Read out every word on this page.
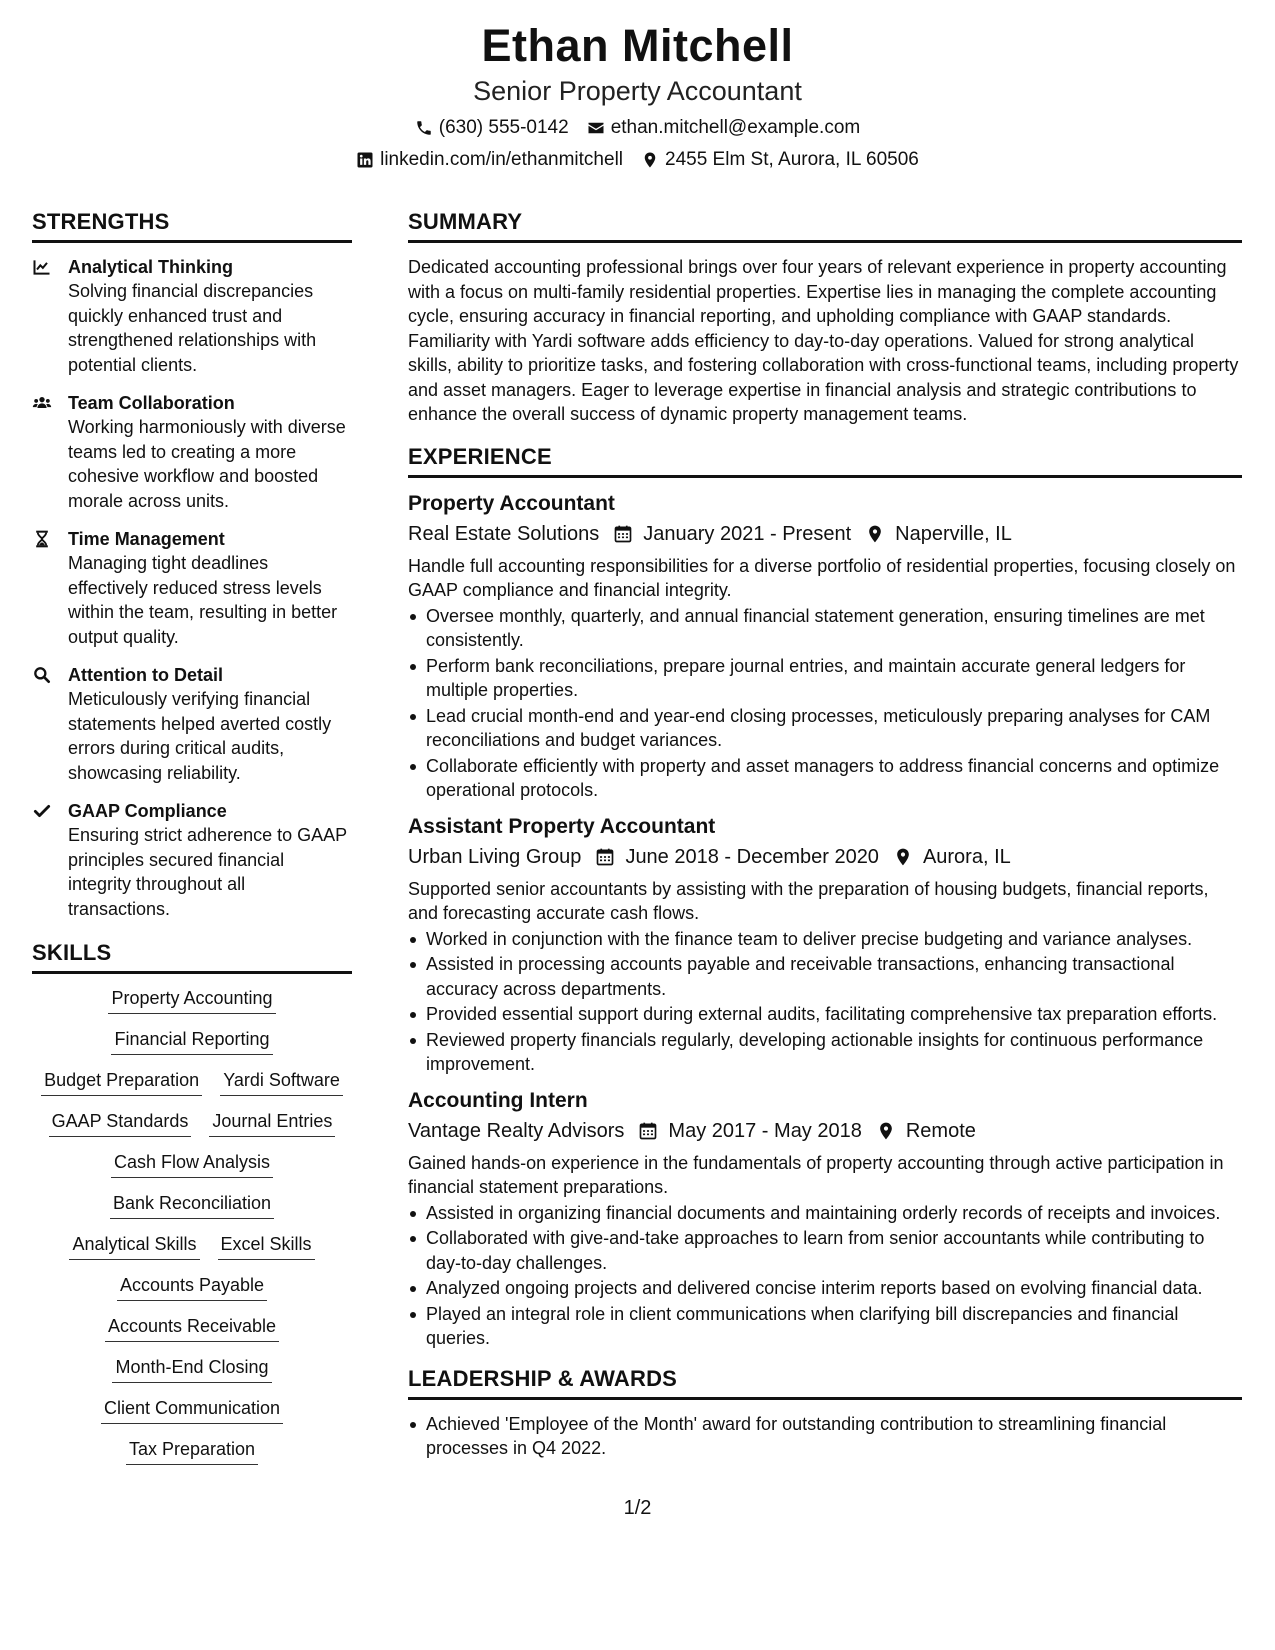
Ethan Mitchell
Senior Property Accountant
(630) 555-0142 ethan.mitchell@example.com
linkedin.com/in/ethanmitchell 2455 Elm St, Aurora, IL 60506
STRENGTHS
Analytical Thinking
Solving financial discrepancies quickly enhanced trust and strengthened relationships with potential clients.
Team Collaboration
Working harmoniously with diverse teams led to creating a more cohesive workflow and boosted morale across units.
Time Management
Managing tight deadlines effectively reduced stress levels within the team, resulting in better output quality.
Attention to Detail
Meticulously verifying financial statements helped averted costly errors during critical audits, showcasing reliability.
GAAP Compliance
Ensuring strict adherence to GAAP principles secured financial integrity throughout all transactions.
SKILLS
Property Accounting
Financial Reporting
Budget Preparation Yardi Software
GAAP Standards Journal Entries
Cash Flow Analysis
Bank Reconciliation
Analytical Skills Excel Skills
Accounts Payable
Accounts Receivable
Month-End Closing
Client Communication
Tax Preparation
SUMMARY
Dedicated accounting professional brings over four years of relevant experience in property accounting with a focus on multi-family residential properties. Expertise lies in managing the complete accounting cycle, ensuring accuracy in financial reporting, and upholding compliance with GAAP standards. Familiarity with Yardi software adds efficiency to day-to-day operations. Valued for strong analytical skills, ability to prioritize tasks, and fostering collaboration with cross-functional teams, including property and asset managers. Eager to leverage expertise in financial analysis and strategic contributions to enhance the overall success of dynamic property management teams.
EXPERIENCE
Property Accountant
Real Estate Solutions January 2021 - Present Naperville, IL
Handle full accounting responsibilities for a diverse portfolio of residential properties, focusing closely on GAAP compliance and financial integrity.
Oversee monthly, quarterly, and annual financial statement generation, ensuring timelines are met consistently.
Perform bank reconciliations, prepare journal entries, and maintain accurate general ledgers for multiple properties.
Lead crucial month-end and year-end closing processes, meticulously preparing analyses for CAM reconciliations and budget variances.
Collaborate efficiently with property and asset managers to address financial concerns and optimize operational protocols.
Assistant Property Accountant
Urban Living Group June 2018 - December 2020 Aurora, IL
Supported senior accountants by assisting with the preparation of housing budgets, financial reports, and forecasting accurate cash flows.
Worked in conjunction with the finance team to deliver precise budgeting and variance analyses.
Assisted in processing accounts payable and receivable transactions, enhancing transactional accuracy across departments.
Provided essential support during external audits, facilitating comprehensive tax preparation efforts.
Reviewed property financials regularly, developing actionable insights for continuous performance improvement.
Accounting Intern
Vantage Realty Advisors May 2017 - May 2018 Remote
Gained hands-on experience in the fundamentals of property accounting through active participation in financial statement preparations.
Assisted in organizing financial documents and maintaining orderly records of receipts and invoices.
Collaborated with give-and-take approaches to learn from senior accountants while contributing to day-to-day challenges.
Analyzed ongoing projects and delivered concise interim reports based on evolving financial data.
Played an integral role in client communications when clarifying bill discrepancies and financial queries.
LEADERSHIP & AWARDS
Achieved 'Employee of the Month' award for outstanding contribution to streamlining financial processes in Q4 2022.
1/2
